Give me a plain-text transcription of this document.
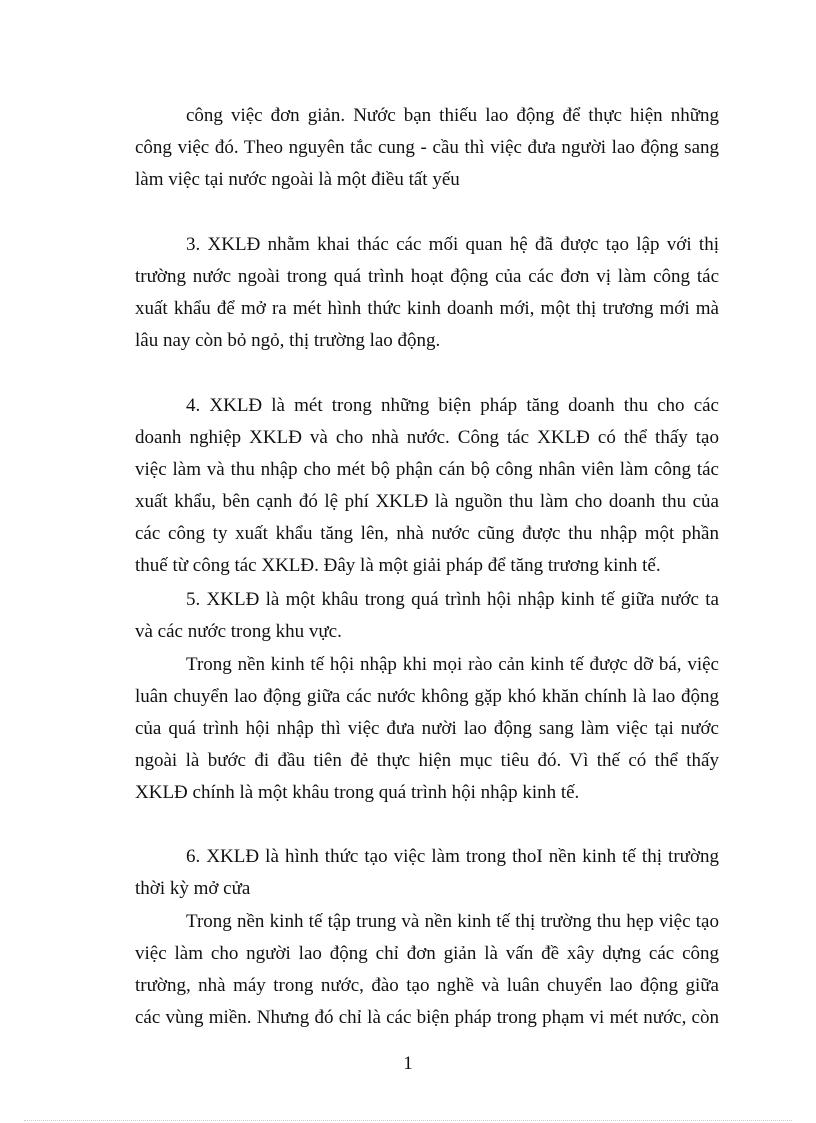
công việc đơn giản. Nước bạn thiếu lao động để thực hiện những
công việc đó. Theo nguyên tắc cung - cầu thì việc đưa người lao động sang
làm việc tại nước ngoài là một điều tất yếu
3. XKLĐ nhằm khai thác các mối quan hệ đã được tạo lập với thị
trường nước ngoài trong quá trình hoạt động của các đơn vị làm công tác
xuất khẩu để mở ra mét hình thức kinh doanh mới, một thị trương mới mà
lâu nay còn bỏ ngỏ, thị trường lao động.
4. XKLĐ là mét trong những biện pháp tăng doanh thu cho các
doanh nghiệp XKLĐ và cho nhà nước. Công tác XKLĐ có thể thấy tạo
việc làm và thu nhập cho mét bộ phận cán bộ công nhân viên làm công tác
xuất khẩu, bên cạnh đó lệ phí XKLĐ là nguồn thu làm cho doanh thu của
các công ty xuất khẩu tăng lên, nhà nước cũng được thu nhập một phần
thuế từ công tác XKLĐ. Đây là một giải pháp để tăng trương kinh tế.
5. XKLĐ là một khâu trong quá trình hội nhập kinh tế giữa nước ta
và các nước trong khu vực.
Trong nền kinh tế hội nhập khi mọi rào cản kinh tế được dỡ bá, việc
luân chuyển lao động giữa các nước không gặp khó khăn chính là lao động
của quá trình hội nhập thì việc đưa nười lao động sang làm việc tại nước
ngoài là bước đi đầu tiên đẻ thực hiện mục tiêu đó. Vì thế có thể thấy
XKLĐ chính là một khâu trong quá trình hội nhập kinh tế.
6. XKLĐ là hình thức tạo việc làm trong thoI nền kinh tế thị trường
thời kỳ mở cửa
Trong nền kinh tế tập trung và nền kinh tế thị trường thu hẹp việc tạo
việc làm cho người lao động chỉ đơn giản là vấn đề xây dựng các công
trường, nhà máy trong nước, đào tạo nghề và luân chuyển lao động giữa
các vùng miền. Nhưng đó chỉ là các biện pháp trong phạm vi mét nước, còn
1
